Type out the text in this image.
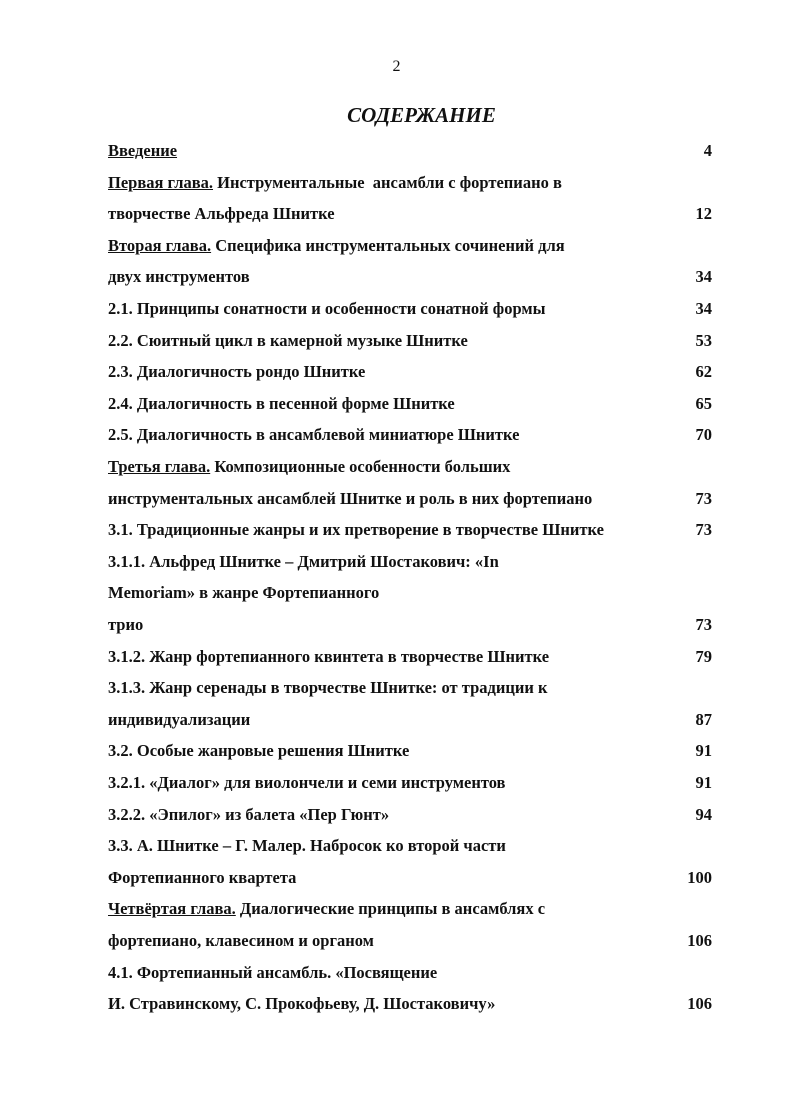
2
СОДЕРЖАНИЕ
Введение	4
Первая глава. Инструментальные  ансамбли с фортепиано в
творчестве Альфреда Шнитке	12
Вторая глава. Специфика инструментальных сочинений для
двух инструментов	34
2.1. Принципы сонатности и особенности сонатной формы	34
2.2. Сюитный цикл в камерной музыке Шнитке	53
2.3. Диалогичность рондо Шнитке	62
2.4. Диалогичность в песенной форме Шнитке	65
2.5. Диалогичность в ансамблевой миниатюре Шнитке	70
Третья глава. Композиционные особенности больших
инструментальных ансамблей Шнитке и роль в них фортепиано	73
3.1. Традиционные жанры и их претворение в творчестве Шнитке	73
3.1.1. Альфред Шнитке – Дмитрий Шостакович: «In
Memoriam» в жанре Фортепианного
трио	73
3.1.2. Жанр фортепианного квинтета в творчестве Шнитке	79
3.1.3. Жанр серенады в творчестве Шнитке: от традиции к
индивидуализации	87
3.2. Особые жанровые решения Шнитке	91
3.2.1. «Диалог» для виолончели и семи инструментов	91
3.2.2. «Эпилог» из балета «Пер Гюнт»	94
3.3. А. Шнитке – Г. Малер. Набросок ко второй части
Фортепианного квартета	100
Четвёртая глава. Диалогические принципы в ансамблях с
фортепиано, клавесином и органом	106
4.1. Фортепианный ансамбль. «Посвящение
И. Стравинскому, С. Прокофьеву, Д. Шостаковичу»	106
